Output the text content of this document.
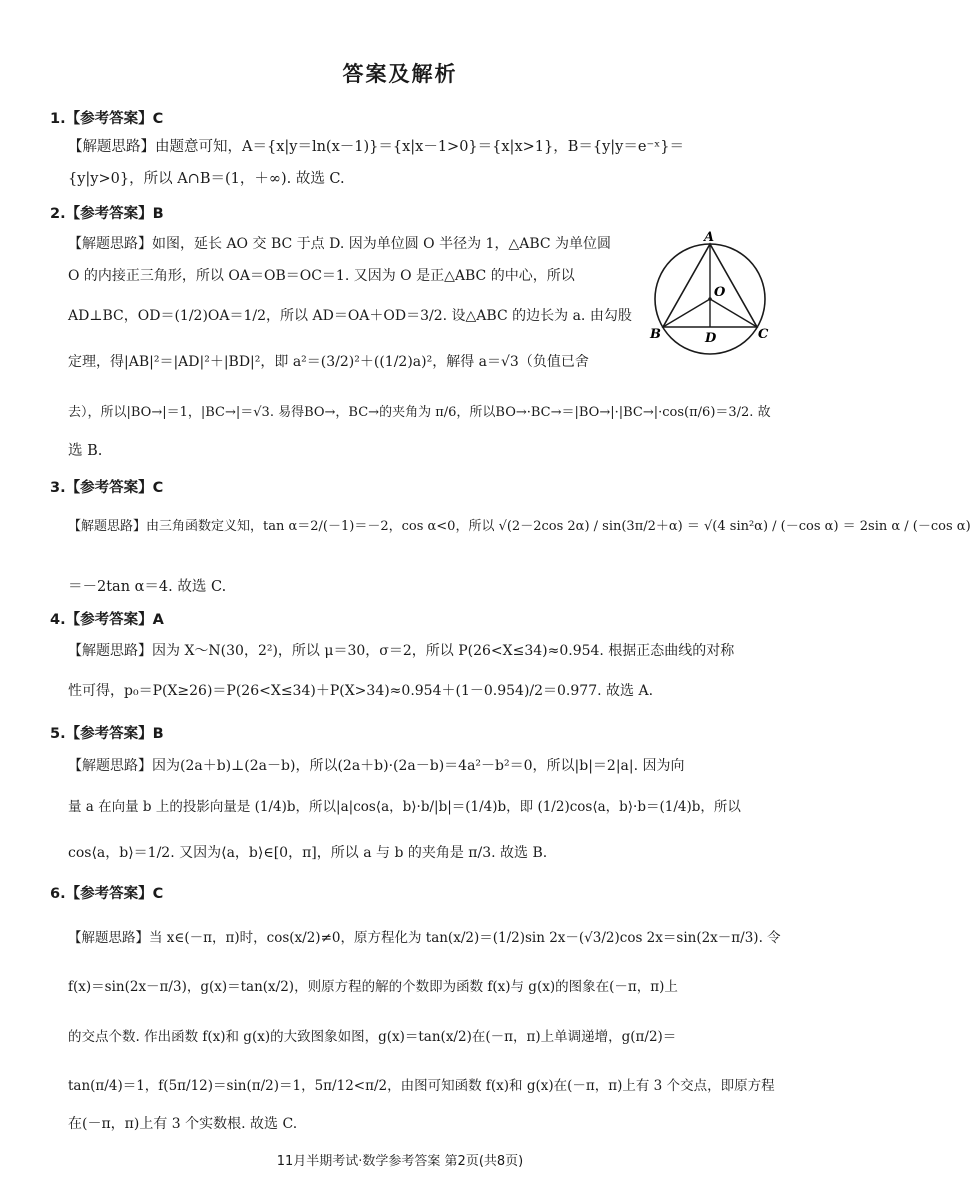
答案及解析
1.【参考答案】C
【解题思路】由题意可知，A＝{x|y＝ln(x－1)}＝{x|x－1>0}＝{x|x>1}，B＝{y|y＝e⁻ˣ}＝
{y|y>0}，所以 A∩B＝(1，＋∞). 故选 C.
2.【参考答案】B
【解题思路】如图，延长 AO 交 BC 于点 D. 因为单位圆 O 半径为 1，△ABC 为单位圆
O 的内接正三角形，所以 OA＝OB＝OC＝1. 又因为 O 是正△ABC 的中心，所以
AD⊥BC，OD＝(1/2)OA＝1/2，所以 AD＝OA＋OD＝3/2. 设△ABC 的边长为 a. 由勾股
定理，得|AB|²＝|AD|²＋|BD|²，即 a²＝(3/2)²＋((1/2)a)²，解得 a＝√3（负值已舍
去），所以|BO→|＝1，|BC→|＝√3. 易得BO→，BC→的夹角为 π/6，所以BO→·BC→＝|BO→|·|BC→|·cos(π/6)＝3/2. 故
选 B.
A
O
B	D	C
3.【参考答案】C
【解题思路】由三角函数定义知，tan α＝2/(－1)＝－2，cos α<0，所以 √(2－2cos 2α) / sin(3π/2＋α) ＝ √(4 sin²α) / (－cos α) ＝ 2sin α / (－cos α)
＝－2tan α＝4. 故选 C.
4.【参考答案】A
【解题思路】因为 X～N(30，2²)，所以 μ＝30，σ＝2，所以 P(26<X≤34)≈0.954. 根据正态曲线的对称
性可得，p₀＝P(X≥26)＝P(26<X≤34)＋P(X>34)≈0.954＋(1－0.954)/2＝0.977. 故选 A.
5.【参考答案】B
【解题思路】因为(2a＋b)⊥(2a－b)，所以(2a＋b)·(2a－b)＝4a²－b²＝0，所以|b|＝2|a|. 因为向
量 a 在向量 b 上的投影向量是 (1/4)b，所以|a|cos⟨a，b⟩·b/|b|＝(1/4)b，即 (1/2)cos⟨a，b⟩·b＝(1/4)b，所以
cos⟨a，b⟩＝1/2. 又因为⟨a，b⟩∈[0，π]，所以 a 与 b 的夹角是 π/3. 故选 B.
6.【参考答案】C
【解题思路】当 x∈(－π，π)时，cos(x/2)≠0，原方程化为 tan(x/2)＝(1/2)sin 2x－(√3/2)cos 2x＝sin(2x－π/3). 令
f(x)＝sin(2x－π/3)，g(x)＝tan(x/2)，则原方程的解的个数即为函数 f(x)与 g(x)的图象在(－π，π)上
的交点个数. 作出函数 f(x)和 g(x)的大致图象如图，g(x)＝tan(x/2)在(－π，π)上单调递增，g(π/2)＝
tan(π/4)＝1，f(5π/12)＝sin(π/2)＝1，5π/12<π/2，由图可知函数 f(x)和 g(x)在(－π，π)上有 3 个交点，即原方程
在(－π，π)上有 3 个实数根. 故选 C.
11月半期考试·数学参考答案 第2页(共8页)
